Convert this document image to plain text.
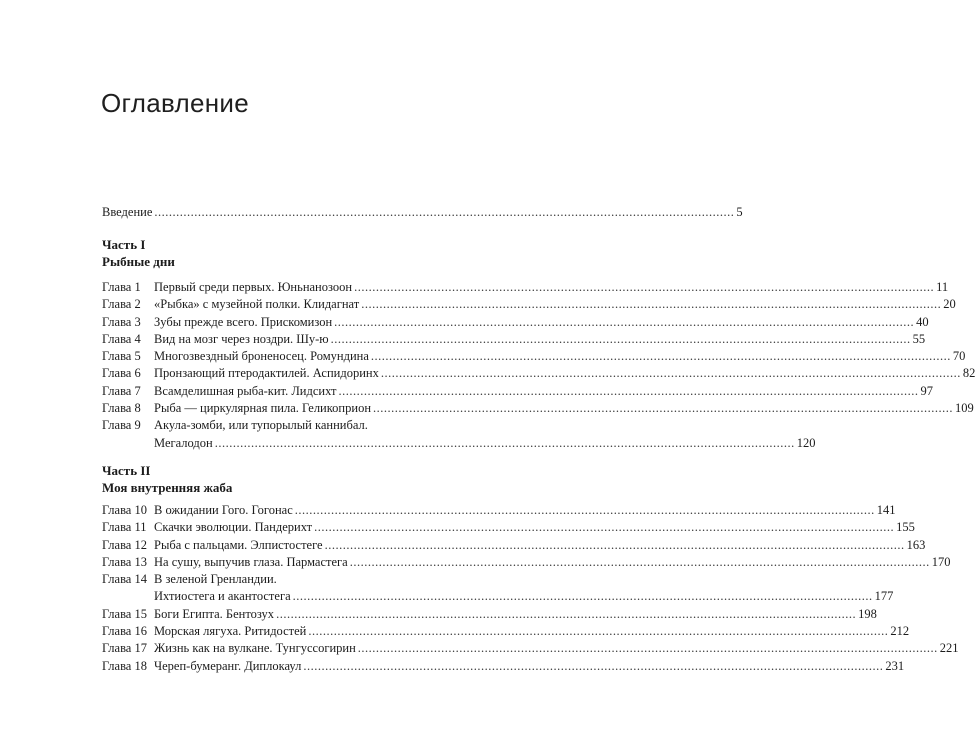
Оглавление
Введение ................................................................................................................................................................ 5
Часть I
Рыбные дни
Глава 1	Первый среди первых. Юньнанозоон ................................................................................................................................................................ 11
Глава 2	«Рыбка» с музейной полки. Клидагнат ................................................................................................................................................................ 20
Глава 3	Зубы прежде всего. Прискомизон ................................................................................................................................................................ 40
Глава 4	Вид на мозг через ноздри. Шу-ю ................................................................................................................................................................ 55
Глава 5	Многозвездный броненосец. Ромундина ................................................................................................................................................................ 70
Глава 6	Пронзающий птеродактилей. Аспидоринх ................................................................................................................................................................ 82
Глава 7	Всамделишная рыба-кит. Лидсихт ................................................................................................................................................................ 97
Глава 8	Рыба — циркулярная пила. Геликоприон ................................................................................................................................................................ 109
Глава 9	Акула-зомби, или тупорылый каннибал.
Мегалодон ................................................................................................................................................................ 120
Часть II
Моя внутренняя жаба
Глава 10 В ожидании Гого. Гогонас ................................................................................................................................................................ 141
Глава 11 Скачки эволюции. Пандерихт ................................................................................................................................................................ 155
Глава 12 Рыба с пальцами. Элпистостеге ................................................................................................................................................................ 163
Глава 13 На сушу, выпучив глаза. Пармастега ................................................................................................................................................................ 170
Глава 14 В зеленой Гренландии.
Ихтиостега и акантостега ................................................................................................................................................................ 177
Глава 15 Боги Египта. Бентозух ................................................................................................................................................................ 198
Глава 16 Морская лягуха. Ритидостей ................................................................................................................................................................ 212
Глава 17 Жизнь как на вулкане. Тунгуссогирин ................................................................................................................................................................ 221
Глава 18 Череп-бумеранг. Диплокаул ................................................................................................................................................................ 231
